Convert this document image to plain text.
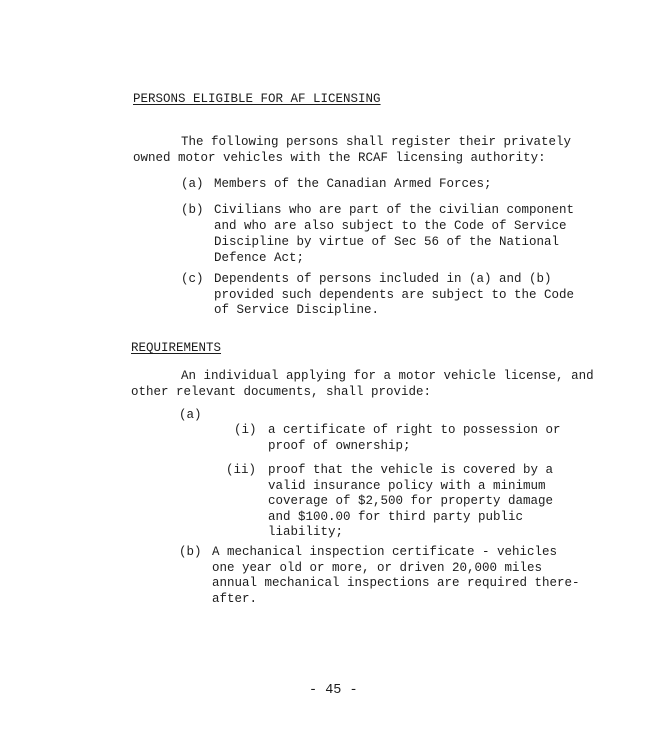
PERSONS ELIGIBLE FOR AF LICENSING
The following persons shall register their privately
owned motor vehicles with the RCAF licensing authority:
(a) Members of the Canadian Armed Forces;
(b) Civilians who are part of the civilian component
and who are also subject to the Code of Service
Discipline by virtue of Sec 56 of the National
Defence Act;
(c) Dependents of persons included in (a) and (b)
provided such dependents are subject to the Code
of Service Discipline.
REQUIREMENTS
An individual applying for a motor vehicle license, and
other relevant documents, shall provide:
(a)
(i) a certificate of right to possession or
proof of ownership;
(ii) proof that the vehicle is covered by a
valid insurance policy with a minimum
coverage of $2,500 for property damage
and $100.00 for third party public
liability;
(b) A mechanical inspection certificate - vehicles
one year old or more, or driven 20,000 miles
annual mechanical inspections are required there-
after.
- 45 -
